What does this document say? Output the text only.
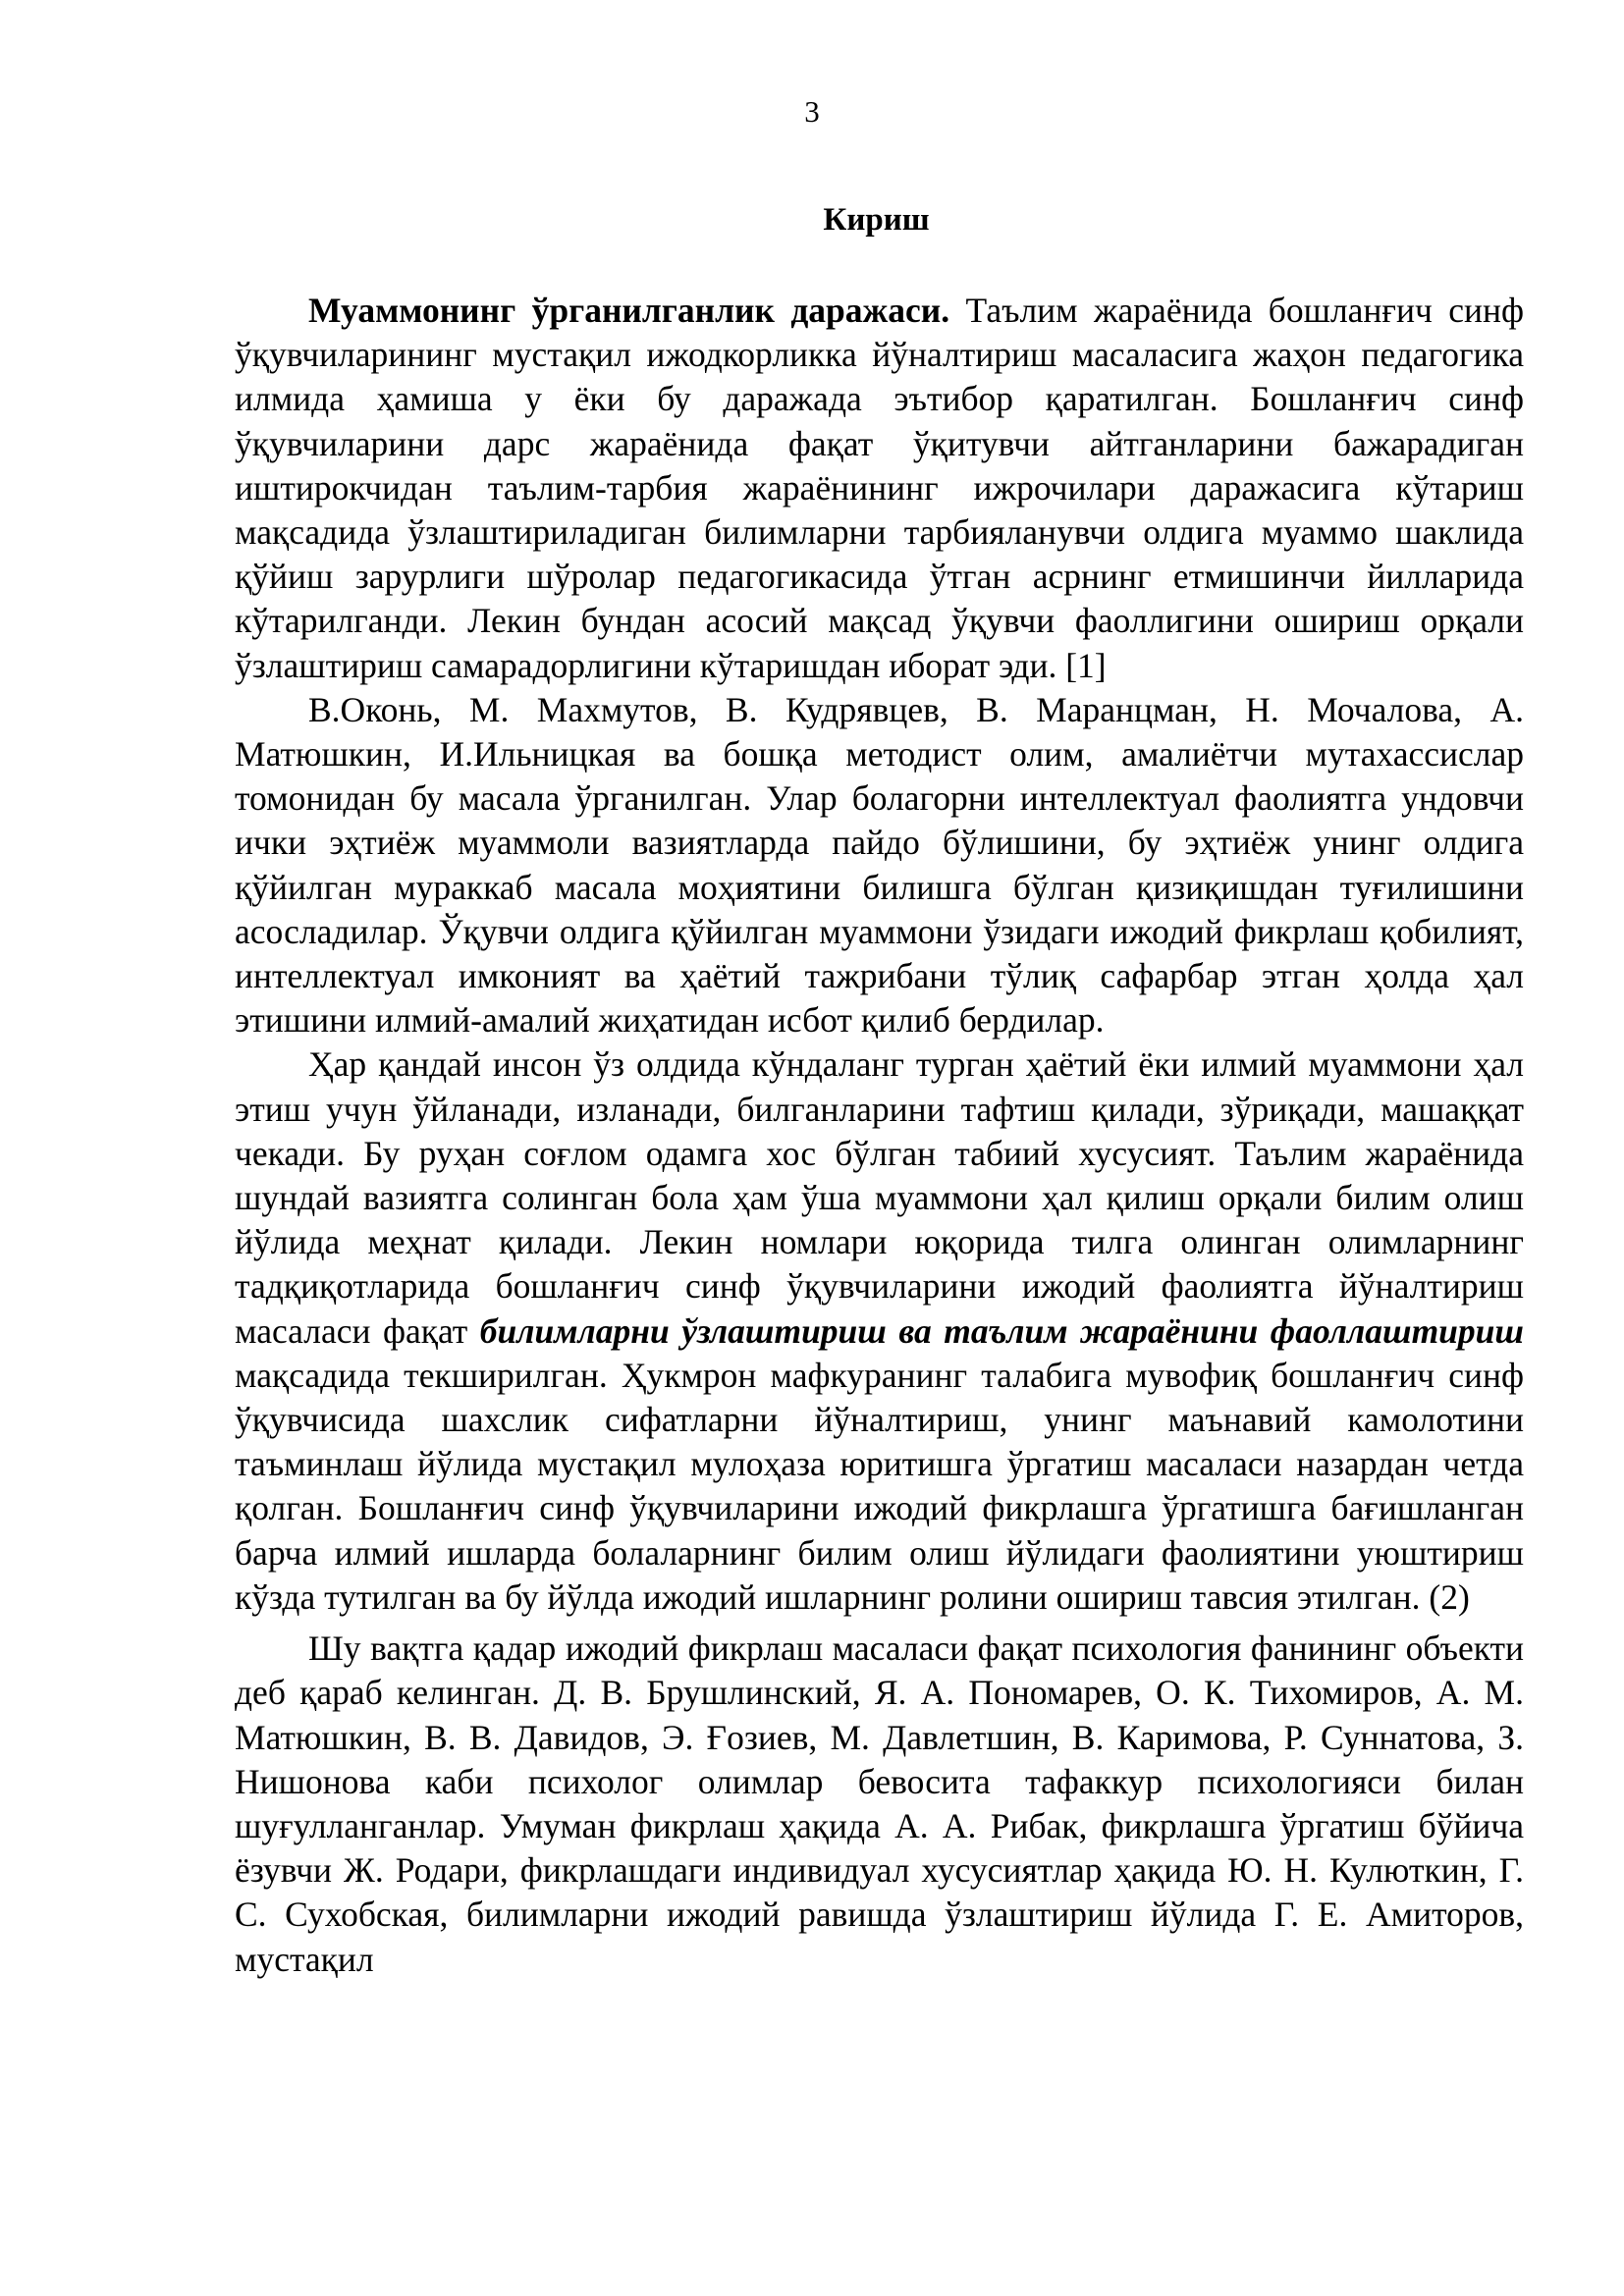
3
Кириш

Муаммонинг ўрганилганлик даражаси. Таълим жараёнида бошланғич синф ўқувчиларининг мустақил ижодкорликка йўналтириш масаласига жаҳон педагогика илмида ҳамиша у ёки бу даражада эътибор қаратилган. Бошланғич синф ўқувчиларини дарс жараёнида фақат ўқитувчи айтганларини бажарадиган иштирокчидан таълим-тарбия жараёнининг ижрочилари даражасига кўтариш мақсадида ўзлаштириладиган билимларни тарбияланувчи олдига муаммо шаклида қўйиш зарурлиги шўролар педагогикасида ўтган асрнинг етмишинчи йилларида кўтарилганди. Лекин бундан асосий мақсад ўқувчи фаоллигини ошириш орқали ўзлаштириш самарадорлигини кўтаришдан иборат эди. [1]

В.Оконь, М. Махмутов, В. Кудрявцев, В. Маранцман, Н. Мочалова, А. Матюшкин, И.Ильницкая ва бошқа методист олим, амалиётчи мутахассислар томонидан бу масала ўрганилган. Улар болагорни интеллектуал фаолиятга ундовчи ички эҳтиёж муаммоли вазиятларда пайдо бўлишини, бу эҳтиёж унинг олдига қўйилган мураккаб масала моҳиятини билишга бўлган қизиқишдан туғилишини асосладилар. Ўқувчи олдига қўйилган муаммони ўзидаги ижодий фикрлаш қобилият, интеллектуал имконият ва ҳаётий тажрибани тўлиқ сафарбар этган ҳолда ҳал этишини илмий-амалий жиҳатидан исбот қилиб бердилар.

Ҳар қандай инсон ўз олдида кўндаланг турган ҳаётий ёки илмий муаммони ҳал этиш учун ўйланади, изланади, билганларини тафтиш қилади, зўриқади, машаққат чекади. Бу руҳан соғлом одамга хос бўлган табиий хусусият. Таълим жараёнида шундай вазиятга солинган бола ҳам ўша муаммони ҳал қилиш орқали билим олиш йўлида меҳнат қилади. Лекин номлари юқорида тилга олинган олимларнинг тадқиқотларида бошланғич синф ўқувчиларини ижодий фаолиятга йўналтириш масаласи фақат билимларни ўзлаштириш ва таълим жараёнини фаоллаштириш мақсадида текширилган. Ҳукмрон мафкуранинг талабига мувофиқ бошланғич синф ўқувчисида шахслик сифатларни йўналтириш, унинг маънавий камолотини таъминлаш йўлида мустақил мулоҳаза юритишга ўргатиш масаласи назардан четда қолган. Бошланғич синф ўқувчиларини ижодий фикрлашга ўргатишга бағишланган барча илмий ишларда болаларнинг билим олиш йўлидаги фаолиятини уюштириш кўзда тутилган ва бу йўлда ижодий ишларнинг ролини ошириш тавсия этилган. (2)

Шу вақтга қадар ижодий фикрлаш масаласи фақат психология фанининг объекти деб қараб келинган. Д. В. Брушлинский, Я. А. Пономарев, О. К. Тихомиров, А. М. Матюшкин, В. В. Давидов, Э. Ғозиев, М. Давлетшин, В. Каримова, Р. Суннатова, З. Нишонова каби психолог олимлар бевосита тафаккур психологияси билан шуғулланганлар. Умуман фикрлаш ҳақида А. А. Рибак, фикрлашга ўргатиш бўйича ёзувчи Ж. Родари, фикрлашдаги индивидуал хусусиятлар ҳақида Ю. Н. Кулюткин, Г. С. Сухобская, билимларни ижодий равишда ўзлаштириш йўлида Г. Е. Амиторов, мустақил
